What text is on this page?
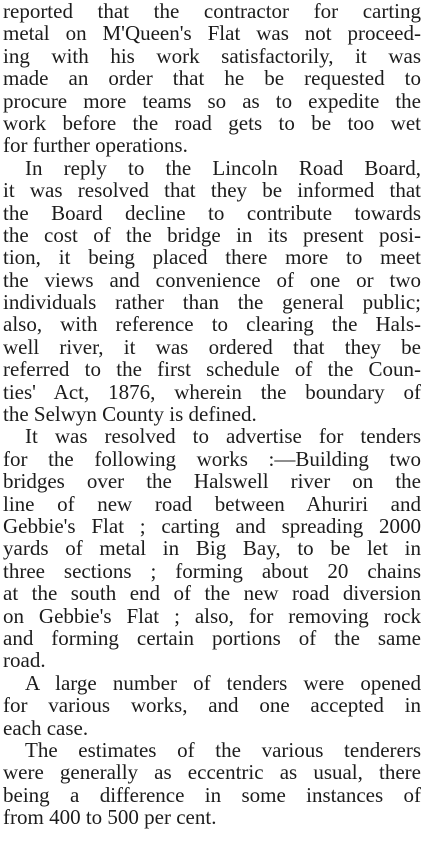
reported that the contractor for carting
metal on M'Queen's Flat was not proceed-
ing with his work satisfactorily, it was
made an order that he be requested to
procure more teams so as to expedite the
work before the road gets to be too wet
for further operations.
In reply to the Lincoln Road Board,
it was resolved that they be informed that
the Board decline to contribute towards
the cost of the bridge in its present posi-
tion, it being placed there more to meet
the views and convenience of one or two
individuals rather than the general public;
also, with reference to clearing the Hals-
well river, it was ordered that they be
referred to the first schedule of the Coun-
ties' Act, 1876, wherein the boundary of
the Selwyn County is defined.
It was resolved to advertise for tenders
for the following works :—Building two
bridges over the Halswell river on the
line of new road between Ahuriri and
Gebbie's Flat ; carting and spreading 2000
yards of metal in Big Bay, to be let in
three sections ; forming about 20 chains
at the south end of the new road diversion
on Gebbie's Flat ; also, for removing rock
and forming certain portions of the same
road.
A large number of tenders were opened
for various works, and one accepted in
each case.
The estimates of the various tenderers
were generally as eccentric as usual, there
being a difference in some instances of
from 400 to 500 per cent.
